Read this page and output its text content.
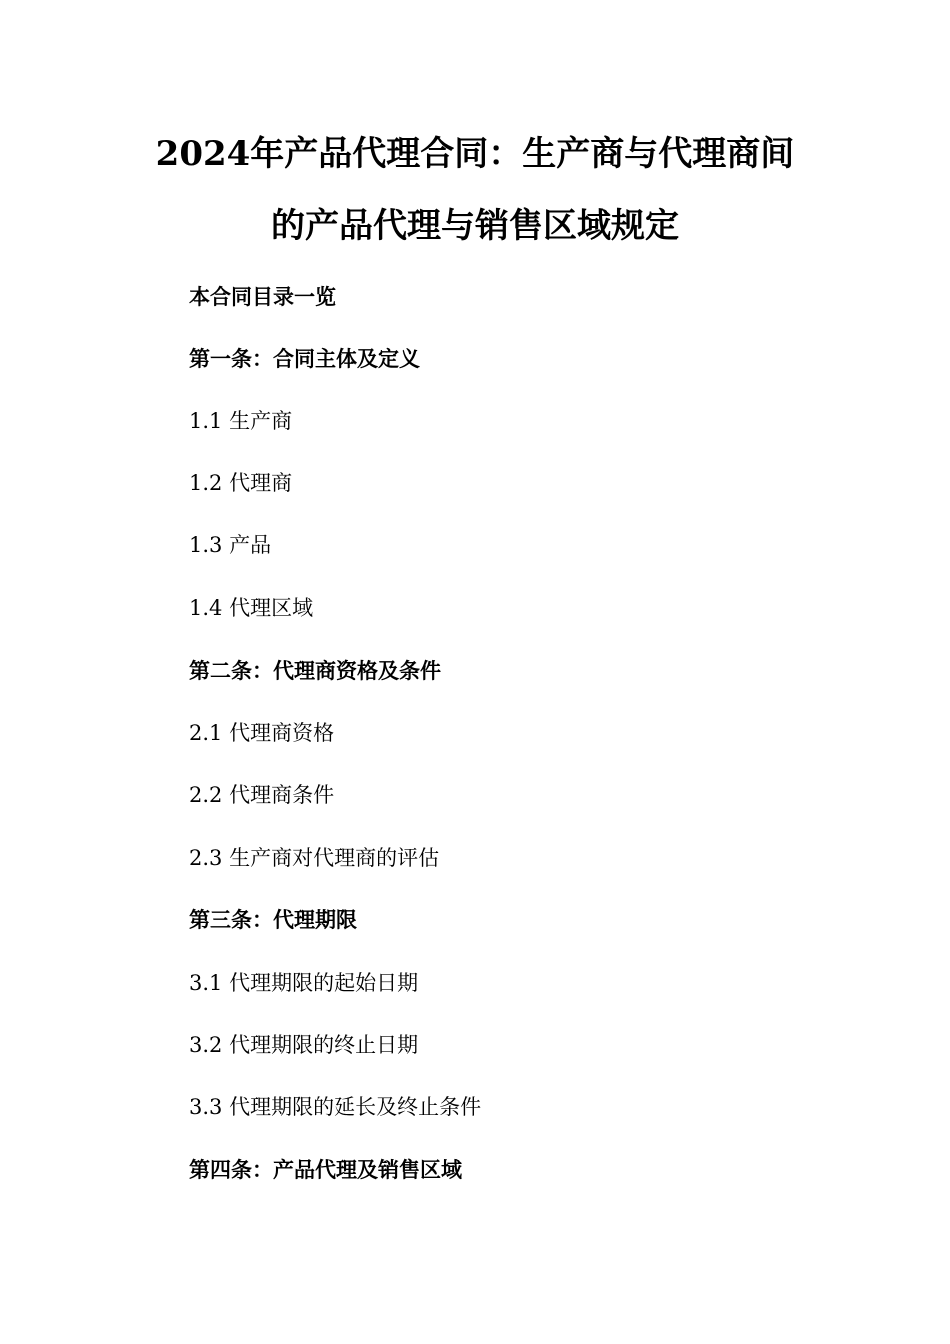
2024年产品代理合同：生产商与代理商间
的产品代理与销售区域规定
本合同目录一览
第一条：合同主体及定义
1.1 生产商
1.2 代理商
1.3 产品
1.4 代理区域
第二条：代理商资格及条件
2.1 代理商资格
2.2 代理商条件
2.3 生产商对代理商的评估
第三条：代理期限
3.1 代理期限的起始日期
3.2 代理期限的终止日期
3.3 代理期限的延长及终止条件
第四条：产品代理及销售区域
